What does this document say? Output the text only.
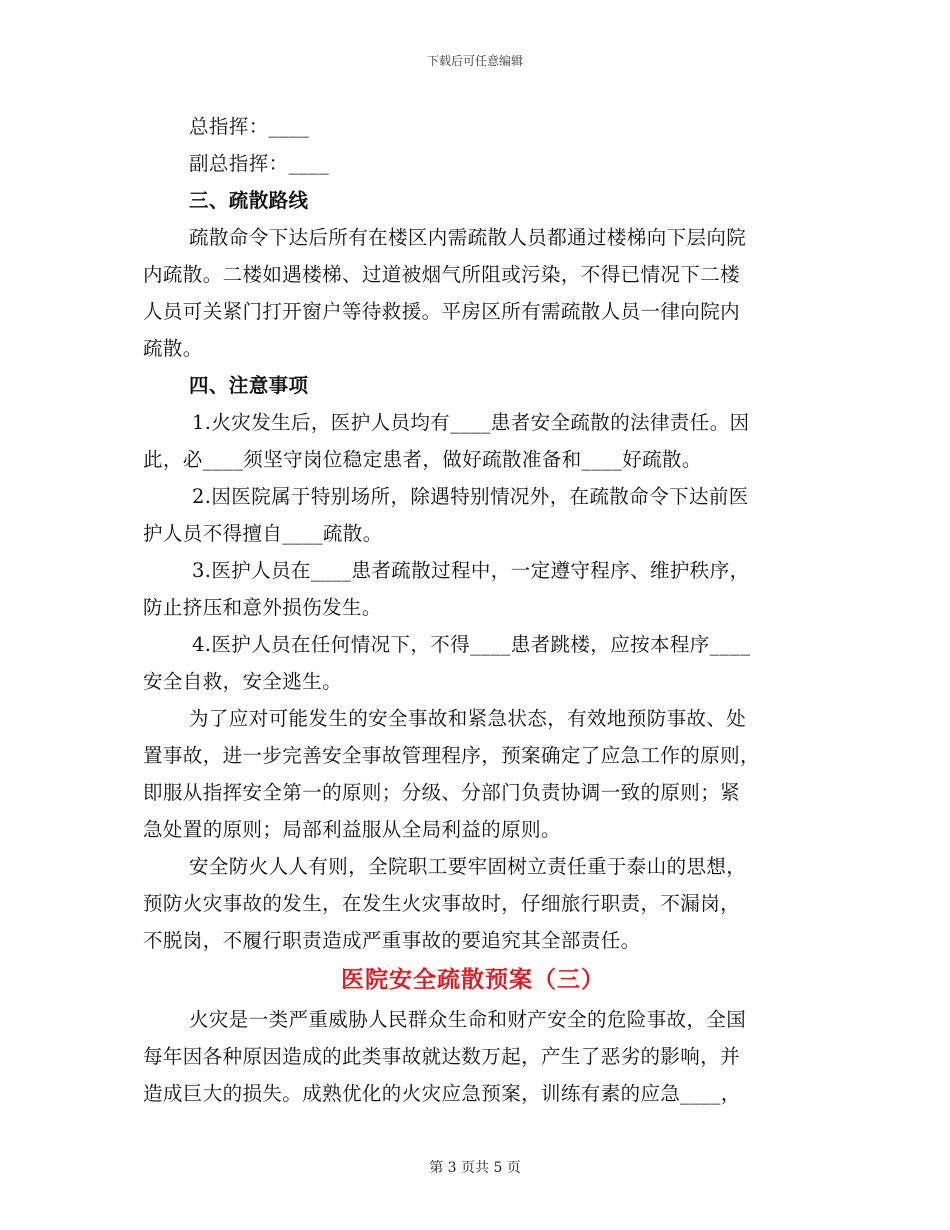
下载后可任意编辑
总指挥：____
副总指挥：____
三、疏散路线
疏散命令下达后所有在楼区内需疏散人员都通过楼梯向下层向院
内疏散。二楼如遇楼梯、过道被烟气所阻或污染，不得已情况下二楼
人员可关紧门打开窗户等待救援。平房区所有需疏散人员一律向院内
疏散。
四、注意事项
1.火灾发生后，医护人员均有____患者安全疏散的法律责任。因
此，必____须坚守岗位稳定患者，做好疏散准备和____好疏散。
2.因医院属于特别场所，除遇特别情况外，在疏散命令下达前医
护人员不得擅自____疏散。
3.医护人员在____患者疏散过程中，一定遵守程序、维护秩序，
防止挤压和意外损伤发生。
4.医护人员在任何情况下，不得____患者跳楼，应按本程序____
安全自救，安全逃生。
为了应对可能发生的安全事故和紧急状态，有效地预防事故、处
置事故，进一步完善安全事故管理程序，预案确定了应急工作的原则，
即服从指挥安全第一的原则；分级、分部门负责协调一致的原则；紧
急处置的原则；局部利益服从全局利益的原则。
安全防火人人有则，全院职工要牢固树立责任重于泰山的思想，
预防火灾事故的发生，在发生火灾事故时，仔细旅行职责，不漏岗，
不脱岗，不履行职责造成严重事故的要追究其全部责任。
医院安全疏散预案（三）
火灾是一类严重威胁人民群众生命和财产安全的危险事故，全国
每年因各种原因造成的此类事故就达数万起，产生了恶劣的影响，并
造成巨大的损失。成熟优化的火灾应急预案，训练有素的应急____，
第 3 页共 5 页
